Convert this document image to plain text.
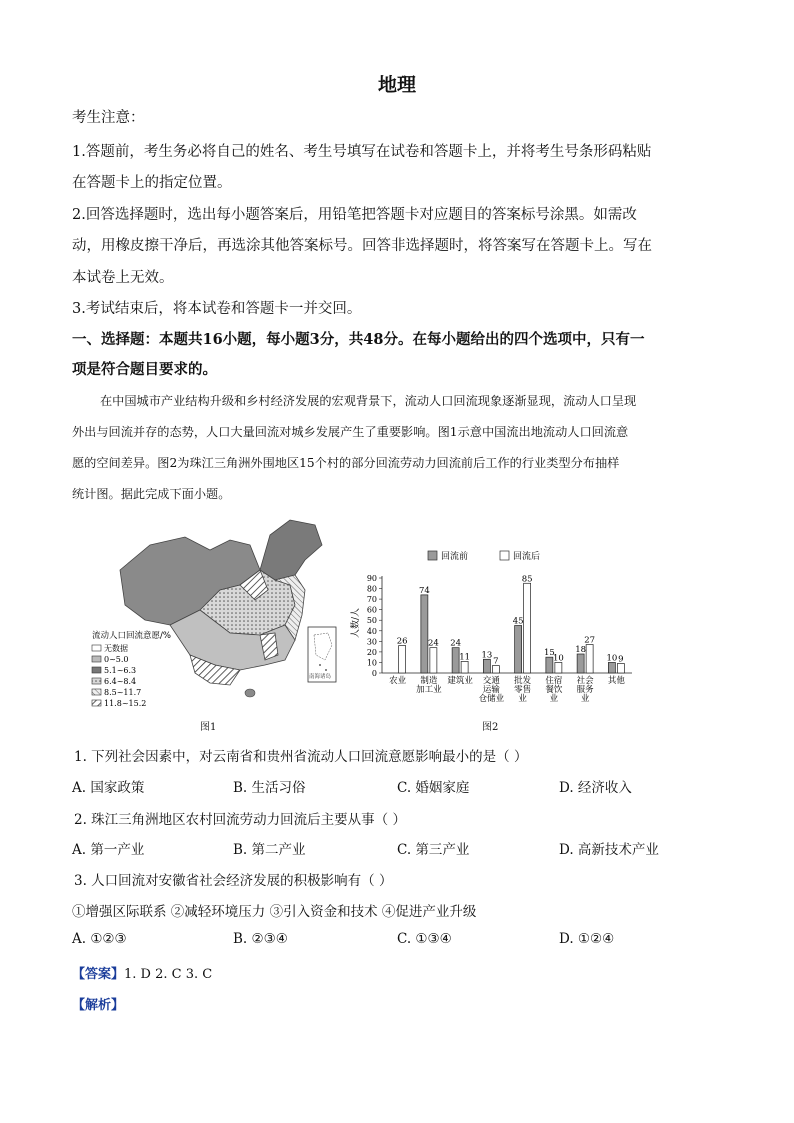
地理
考生注意：
1.答题前，考生务必将自己的姓名、考生号填写在试卷和答题卡上，并将考生号条形码粘贴
在答题卡上的指定位置。
2.回答选择题时，选出每小题答案后，用铅笔把答题卡对应题目的答案标号涂黑。如需改
动，用橡皮擦干净后，再选涂其他答案标号。回答非选择题时，将答案写在答题卡上。写在
本试卷上无效。
3.考试结束后，将本试卷和答题卡一并交回。
一、选择题：本题共16小题，每小题3分，共48分。在每小题给出的四个选项中，只有一
项是符合题目要求的。
在中国城市产业结构升级和乡村经济发展的宏观背景下，流动人口回流现象逐渐显现，流动人口呈现
外出与回流并存的态势，人口大量回流对城乡发展产生了重要影响。图1示意中国流出地流动人口回流意
愿的空间差异。图2为珠江三角洲外围地区15个村的部分回流劳动力回流前后工作的行业类型分布抽样
统计图。据此完成下面小题。
南海诸岛
流动人口回流意愿/%
无数据
0~5.0
5.1~6.3
6.4~8.4
8.5~11.7
11.8~15.2
图1
回流前	回流后
0
10
20
30
40
50
60
70
80
90
人数/人
26
农业
74
24
制造
加工业
24
11
建筑业
13
7
交通
运输
仓储业
45
85
批发
零售
业
15
10
住宿
餐饮
业
18
27
社会
服务
业
10 9
其他
图2
1. 下列社会因素中，对云南省和贵州省流动人口回流意愿影响最小的是（ ）
A. 国家政策	B. 生活习俗	C. 婚姻家庭	D. 经济收入
2. 珠江三角洲地区农村回流劳动力回流后主要从事（ ）
A. 第一产业	B. 第二产业	C. 第三产业	D. 高新技术产业
3. 人口回流对安徽省社会经济发展的积极影响有（ ）
①增强区际联系 ②减轻环境压力 ③引入资金和技术 ④促进产业升级
A. ①②③	B. ②③④	C. ①③④	D. ①②④
【答案】1. D 2. C 3. C
【解析】
